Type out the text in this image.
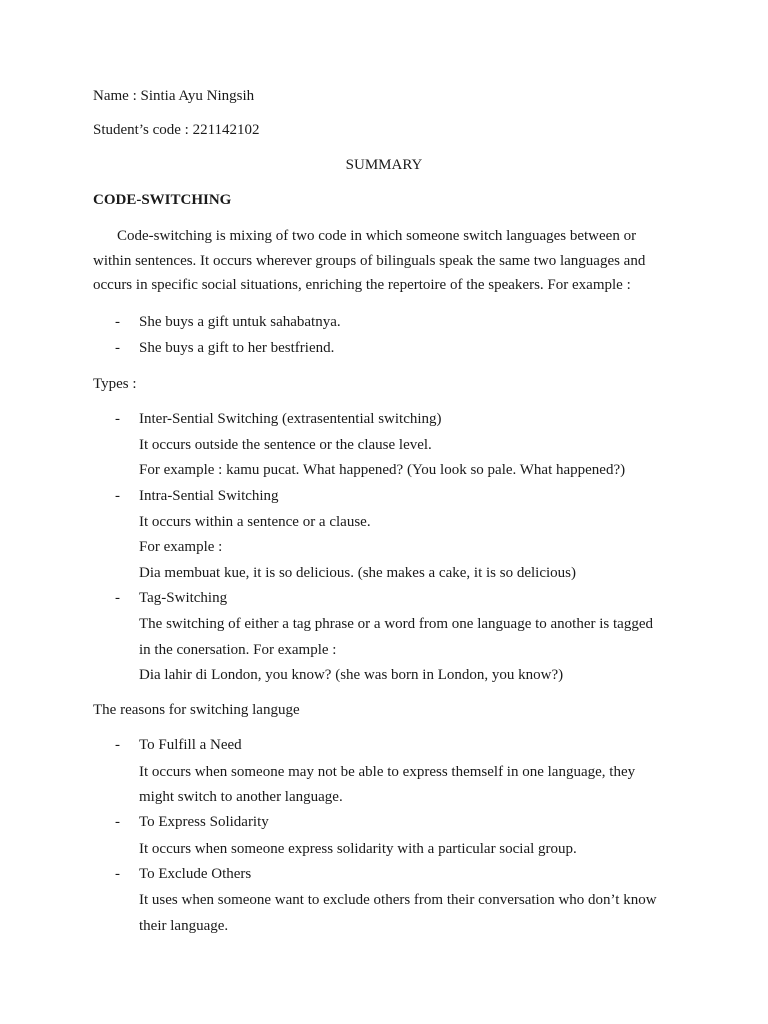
Name : Sintia Ayu Ningsih
Student’s code : 221142102
SUMMARY
CODE-SWITCHING
Code-switching is mixing of two code in which someone switch languages between or
within sentences. It occurs wherever groups of bilinguals speak the same two languages and
occurs in specific social situations, enriching the repertoire of the speakers. For example :
- She buys a gift untuk sahabatnya.
- She buys a gift to her bestfriend.
Types :
- Inter-Sential Switching (extrasentential switching)
It occurs outside the sentence or the clause level.
For example : kamu pucat. What happened? (You look so pale. What happened?)
- Intra-Sential Switching
It occurs within a sentence or a clause.
For example :
Dia membuat kue, it is so delicious. (she makes a cake, it is so delicious)
- Tag-Switching
The switching of either a tag phrase or a word from one language to another is tagged
in the conersation. For example :
Dia lahir di London, you know? (she was born in London, you know?)
The reasons for switching languge
- To Fulfill a Need
It occurs when someone may not be able to express themself in one language, they
might switch to another language.
- To Express Solidarity
It occurs when someone express solidarity with a particular social group.
- To Exclude Others
It uses when someone want to exclude others from their conversation who don’t know
their language.
